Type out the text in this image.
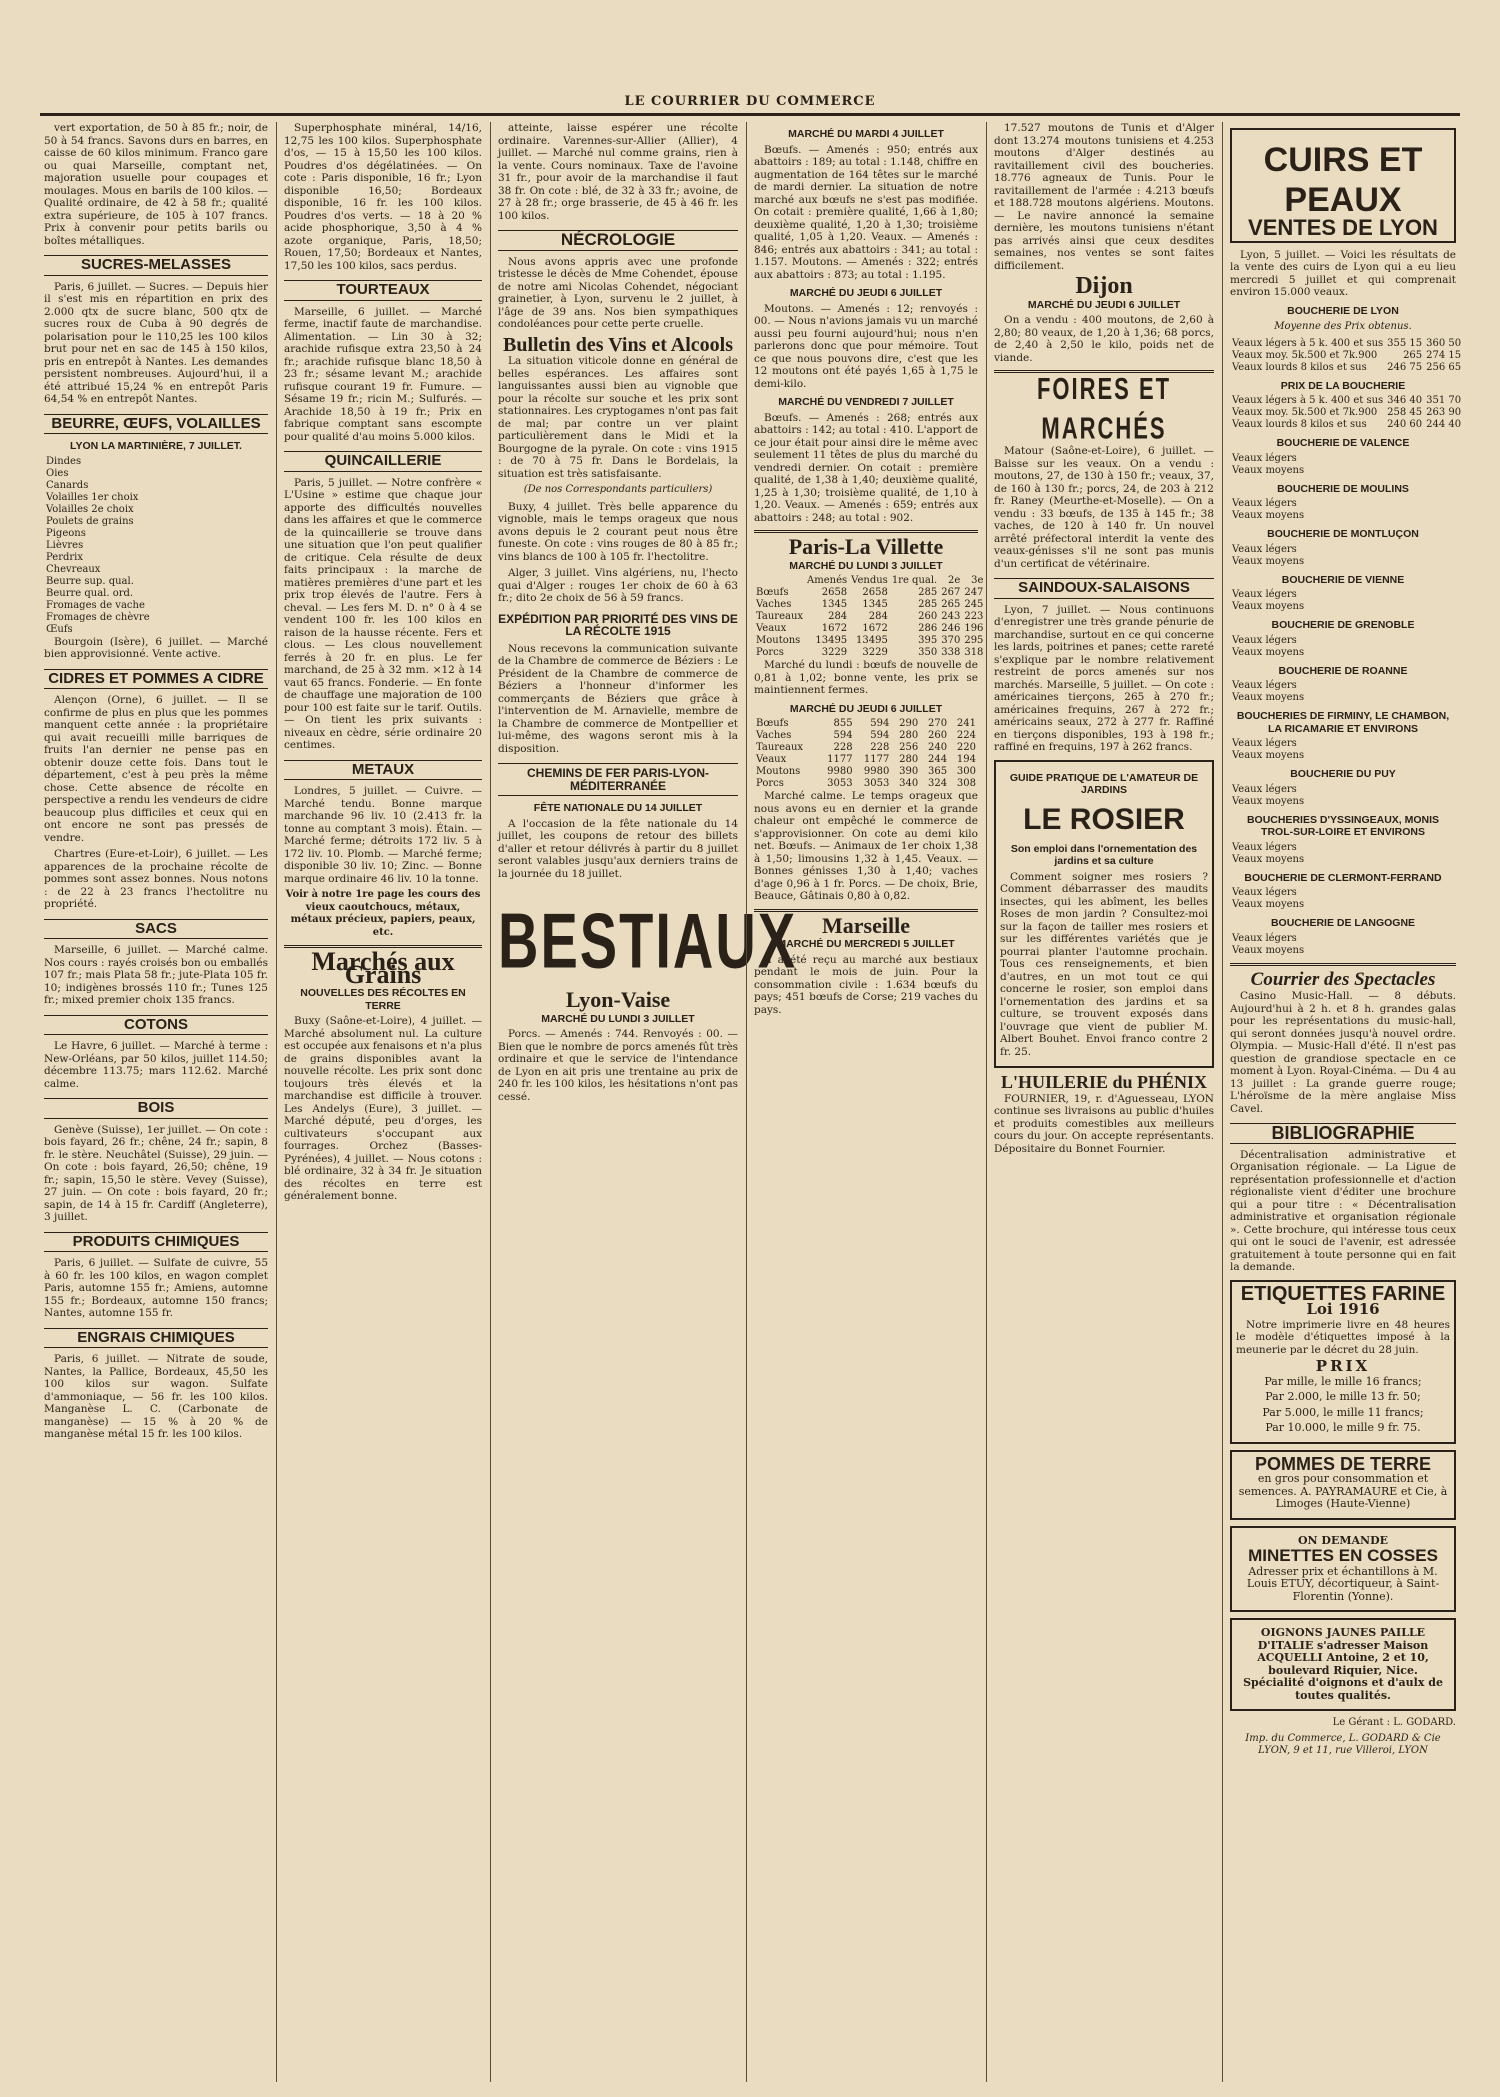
LE COURRIER DU COMMERCE

vert exportation, de 50 à 85 fr.; noir, de 50 à 54 francs. Savons durs en barres, en caisse de 60 kilos minimum. Franco gare ou quai Marseille, comptant net, majoration usuelle pour coupages et moulages. Mous en barils de 100 kilos. — Qualité ordinaire, de 42 à 58 fr.; qualité extra supérieure, de 105 à 107 francs. Prix à convenir pour petits barils ou boîtes métalliques.

SUCRES-MELASSES

Paris, 6 juillet. — Sucres. — Depuis hier il s'est mis en répartition en prix des 2.000 qtx de sucre blanc, 500 qtx de sucres roux de Cuba à 90 degrés de polarisation pour le 110,25 les 100 kilos brut pour net en sac de 145 à 150 kilos, pris en entrepôt à Nantes. Les demandes persistent nombreuses. Aujourd'hui, il a été attribué 15,24 % en entrepôt Paris 64,54 % en entrepôt Nantes.

BEURRE, ŒUFS, VOLAILLES
LYON LA MARTINIÈRE, 7 JUILLET.
Dindes
Oies
Canards
Volailles 1er choix
Volailles 2e choix
Poulets de grains
Pigeons
Lièvres
Perdrix
Chevreaux
Beurre sup. qual.
Beurre qual. ord.
Fromages de vache
Fromages de chèvre
Œufs

Bourgoin (Isère), 6 juillet. — Marché bien approvisionné. Vente active.

CIDRES ET POMMES A CIDRE

Alençon (Orne), 6 juillet. — Il se confirme de plus en plus que les pommes manquent cette année : la propriétaire qui avait recueilli mille barriques de fruits l'an dernier ne pense pas en obtenir douze cette fois. Dans tout le département, c'est à peu près la même chose. Cette absence de récolte en perspective a rendu les vendeurs de cidre beaucoup plus difficiles et ceux qui en ont encore ne sont pas pressés de vendre.

Chartres (Eure-et-Loir), 6 juillet. — Les apparences de la prochaine récolte de pommes sont assez bonnes. Nous notons : de 22 à 23 francs l'hectolitre nu propriété.

SACS

Marseille, 6 juillet. — Marché calme. Nos cours : rayés croisés bon ou emballés 107 fr.; mais Plata 58 fr.; jute-Plata 105 fr. 10; indigènes brossés 110 fr.; Tunes 125 fr.; mixed premier choix 135 francs.

COTONS

Le Havre, 6 juillet. — Marché à terme : New-Orléans, par 50 kilos, juillet 114.50; décembre 113.75; mars 112.62. Marché calme.

BOIS

Genève (Suisse), 1er juillet. — On cote : bois fayard, 26 fr.; chêne, 24 fr.; sapin, 8 fr. le stère. Neuchâtel (Suisse), 29 juin. — On cote : bois fayard, 26,50; chêne, 19 fr.; sapin, 15,50 le stère. Vevey (Suisse), 27 juin. — On cote : bois fayard, 20 fr.; sapin, de 14 à 15 fr. Cardiff (Angleterre), 3 juillet.

PRODUITS CHIMIQUES

Paris, 6 juillet. — Sulfate de cuivre, 55 à 60 fr. les 100 kilos, en wagon complet Paris, automne 155 fr.; Amiens, automne 155 fr.; Bordeaux, automne 150 francs; Nantes, automne 155 fr.

ENGRAIS CHIMIQUES

Paris, 6 juillet. — Nitrate de soude, Nantes, la Pallice, Bordeaux, 45,50 les 100 kilos sur wagon. Sulfate d'ammoniaque, — 56 fr. les 100 kilos. Manganèse L. C. (Carbonate de manganèse) — 15 % à 20 % de manganèse métal 15 fr. les 100 kilos.

Superphosphate minéral, 14/16, 12,75 les 100 kilos. Superphosphate d'os, — 15 à 15,50 les 100 kilos. Poudres d'os dégélatinées. — On cote : Paris disponible, 16 fr.; Lyon disponible 16,50; Bordeaux disponible, 16 fr. les 100 kilos. Poudres d'os verts. — 18 à 20 % acide phosphorique, 3,50 à 4 % azote organique, Paris, 18,50; Rouen, 17,50; Bordeaux et Nantes, 17,50 les 100 kilos, sacs perdus.

TOURTEAUX

Marseille, 6 juillet. — Marché ferme, inactif faute de marchandise. Alimentation. — Lin 30 à 32; arachide rufisque extra 23,50 à 24 fr.; arachide rufisque blanc 18,50 à 23 fr.; sésame levant M.; arachide rufisque courant 19 fr. Fumure. — Sésame 19 fr.; ricin M.; Sulfurés. — Arachide 18,50 à 19 fr.; Prix en fabrique comptant sans escompte pour qualité d'au moins 5.000 kilos.

QUINCAILLERIE

Paris, 5 juillet. — Notre confrère « L'Usine » estime que chaque jour apporte des difficultés nouvelles dans les affaires et que le commerce de la quincaillerie se trouve dans une situation que l'on peut qualifier de critique. Cela résulte de deux faits principaux : la marche de matières premières d'une part et les prix trop élevés de l'autre. Fers à cheval. — Les fers M. D. n° 0 à 4 se vendent 100 fr. les 100 kilos en raison de la hausse récente. Fers et clous. — Les clous nouvellement ferrés à 20 fr. en plus. Le fer marchand, de 25 à 32 mm. ×12 à 14 vaut 65 francs. Fonderie. — En fonte de chauffage une majoration de 100 pour 100 est faite sur le tarif. Outils. — On tient les prix suivants : niveaux en cèdre, série ordinaire 20 centimes.

METAUX

Londres, 5 juillet. — Cuivre. — Marché tendu. Bonne marque marchande 96 liv. 10 (2.413 fr. la tonne au comptant 3 mois). Étain. — Marché ferme; détroits 172 liv. 5 à 172 liv. 10. Plomb. — Marché ferme; disponible 30 liv. 10; Zinc. — Bonne marque ordinaire 46 liv. 10 la tonne.

Voir à notre 1re page les cours des vieux caoutchoucs, métaux, métaux précieux, papiers, peaux, etc.
Marchés aux Grains
NOUVELLES DES RÉCOLTES EN TERRE

Buxy (Saône-et-Loire), 4 juillet. — Marché absolument nul. La culture est occupée aux fenaisons et n'a plus de grains disponibles avant la nouvelle récolte. Les prix sont donc toujours très élevés et la marchandise est difficile à trouver. Les Andelys (Eure), 3 juillet. — Marché député, peu d'orges, les cultivateurs s'occupant aux fourrages. Orchez (Basses-Pyrénées), 4 juillet. — Nous cotons : blé ordinaire, 32 à 34 fr. Je situation des récoltes en terre est généralement bonne.

atteinte, laisse espérer une récolte ordinaire. Varennes-sur-Allier (Allier), 4 juillet. — Marché nul comme grains, rien à la vente. Cours nominaux. Taxe de l'avoine 31 fr., pour avoir de la marchandise il faut 38 fr. On cote : blé, de 32 à 33 fr.; avoine, de 27 à 28 fr.; orge brasserie, de 45 à 46 fr. les 100 kilos.

NÉCROLOGIE

Nous avons appris avec une profonde tristesse le décès de Mme Cohendet, épouse de notre ami Nicolas Cohendet, négociant grainetier, à Lyon, survenu le 2 juillet, à l'âge de 39 ans. Nos bien sympathiques condoléances pour cette perte cruelle.

Bulletin des Vins et Alcools

La situation viticole donne en général de belles espérances. Les affaires sont languissantes aussi bien au vignoble que pour la récolte sur souche et les prix sont stationnaires. Les cryptogames n'ont pas fait de mal; par contre un ver plaint particulièrement dans le Midi et la Bourgogne de la pyrale. On cote : vins 1915 : de 70 à 75 fr. Dans le Bordelais, la situation est très satisfaisante.

(De nos Correspondants particuliers)

Buxy, 4 juillet. Très belle apparence du vignoble, mais le temps orageux que nous avons depuis le 2 courant peut nous être funeste. On cote : vins rouges de 80 à 85 fr.; vins blancs de 100 à 105 fr. l'hectolitre.

Alger, 3 juillet. Vins algériens, nu, l'hecto quai d'Alger : rouges 1er choix de 60 à 63 fr.; dito 2e choix de 56 à 59 francs.

EXPÉDITION PAR PRIORITÉ DES VINS DE LA RÉCOLTE 1915

Nous recevons la communication suivante de la Chambre de commerce de Béziers : Le Président de la Chambre de commerce de Béziers a l'honneur d'informer les commerçants de Béziers que grâce à l'intervention de M. Arnavielle, membre de la Chambre de commerce de Montpellier et lui-même, des wagons seront mis à la disposition.

CHEMINS DE FER PARIS-LYON-MÉDITERRANÉE
FÊTE NATIONALE DU 14 JUILLET

A l'occasion de la fête nationale du 14 juillet, les coupons de retour des billets d'aller et retour délivrés à partir du 8 juillet seront valables jusqu'aux derniers trains de la journée du 18 juillet.

BESTIAUX
Lyon-Vaise
MARCHÉ DU LUNDI 3 JUILLET

Porcs. — Amenés : 744. Renvoyés : 00. — Bien que le nombre de porcs amenés fût très ordinaire et que le service de l'intendance de Lyon en ait pris une trentaine au prix de 240 fr. les 100 kilos, les hésitations n'ont pas cessé.

MARCHÉ DU MARDI 4 JUILLET

Bœufs. — Amenés : 950; entrés aux abattoirs : 189; au total : 1.148, chiffre en augmentation de 164 têtes sur le marché de mardi dernier. La situation de notre marché aux bœufs ne s'est pas modifiée. On cotait : première qualité, 1,66 à 1,80; deuxième qualité, 1,20 à 1,30; troisième qualité, 1,05 à 1,20. Veaux. — Amenés : 846; entrés aux abattoirs : 341; au total : 1.157. Moutons. — Amenés : 322; entrés aux abattoirs : 873; au total : 1.195.

MARCHÉ DU JEUDI 6 JUILLET

Moutons. — Amenés : 12; renvoyés : 00. — Nous n'avions jamais vu un marché aussi peu fourni aujourd'hui; nous n'en parlerons donc que pour mémoire. Tout ce que nous pouvons dire, c'est que les 12 moutons ont été payés 1,65 à 1,75 le demi-kilo.

MARCHÉ DU VENDREDI 7 JUILLET

Bœufs. — Amenés : 268; entrés aux abattoirs : 142; au total : 410. L'apport de ce jour était pour ainsi dire le même avec seulement 11 têtes de plus du marché du vendredi dernier. On cotait : première qualité, de 1,38 à 1,40; deuxième qualité, 1,25 à 1,30; troisième qualité, de 1,10 à 1,20. Veaux. — Amenés : 659; entrés aux abattoirs : 248; au total : 902.

Paris-La Villette
MARCHÉ DU LUNDI 3 JUILLET
	Amenés	Vendus	1re qual.	2e	3e
Bœufs	2658	2658	285	267	247
Vaches	1345	1345	285	265	245
Taureaux	284	284	260	243	223
Veaux	1672	1672	286	246	196
Moutons	13495	13495	395	370	295
Porcs	3229	3229	350	338	318

Marché du lundi : bœufs de nouvelle de 0,81 à 1,02; bonne vente, les prix se maintiennent fermes.

MARCHÉ DU JEUDI 6 JUILLET
Bœufs	855	594	290	270	241
Vaches	594	594	280	260	224
Taureaux	228	228	256	240	220
Veaux	1177	1177	280	244	194
Moutons	9980	9980	390	365	300
Porcs	3053	3053	340	324	308

Marché calme. Le temps orageux que nous avons eu en dernier et la grande chaleur ont empêché le commerce de s'approvisionner. On cote au demi kilo net. Bœufs. — Animaux de 1er choix 1,38 à 1,50; limousins 1,32 à 1,45. Veaux. — Bonnes génisses 1,30 à 1,40; vaches d'age 0,96 à 1 fr. Porcs. — De choix, Brie, Beauce, Gâtinais 0,80 à 0,82.

Marseille
MARCHÉ DU MERCREDI 5 JUILLET

Il a été reçu au marché aux bestiaux pendant le mois de juin. Pour la consommation civile : 1.634 bœufs du pays; 451 bœufs de Corse; 219 vaches du pays.

17.527 moutons de Tunis et d'Alger dont 13.274 moutons tunisiens et 4.253 moutons d'Alger destinés au ravitaillement civil des boucheries. 18.776 agneaux de Tunis. Pour le ravitaillement de l'armée : 4.213 bœufs et 188.728 moutons algériens. Moutons. — Le navire annoncé la semaine dernière, les moutons tunisiens n'étant pas arrivés ainsi que ceux desdites semaines, nos ventes se sont faites difficilement.

Dijon
MARCHÉ DU JEUDI 6 JUILLET

On a vendu : 400 moutons, de 2,60 à 2,80; 80 veaux, de 1,20 à 1,36; 68 porcs, de 2,40 à 2,50 le kilo, poids net de viande.

FOIRES ET MARCHÉS

Matour (Saône-et-Loire), 6 juillet. — Baisse sur les veaux. On a vendu : moutons, 27, de 130 à 150 fr.; veaux, 37, de 160 à 130 fr.; porcs, 24, de 203 à 212 fr. Raney (Meurthe-et-Moselle). — On a vendu : 33 bœufs, de 135 à 145 fr.; 38 vaches, de 120 à 140 fr. Un nouvel arrêté préfectoral interdit la vente des veaux-génisses s'il ne sont pas munis d'un certificat de vétérinaire.

SAINDOUX-SALAISONS

Lyon, 7 juillet. — Nous continuons d'enregistrer une très grande pénurie de marchandise, surtout en ce qui concerne les lards, poitrines et panes; cette rareté s'explique par le nombre relativement restreint de porcs amenés sur nos marchés. Marseille, 5 juillet. — On cote : américaines tierçons, 265 à 270 fr.; américaines frequins, 267 à 272 fr.; américains seaux, 272 à 277 fr. Raffiné en tierçons disponibles, 193 à 198 fr.; raffiné en frequins, 197 à 262 francs.

GUIDE PRATIQUE DE L'AMATEUR DE JARDINS
LE ROSIER
Son emploi dans l'ornementation des jardins et sa culture

Comment soigner mes rosiers ? Comment débarrasser des maudits insectes, qui les abîment, les belles Roses de mon jardin ? Consultez-moi sur la façon de tailler mes rosiers et sur les différentes variétés que je pourrai planter l'automne prochain. Tous ces renseignements, et bien d'autres, en un mot tout ce qui concerne le rosier, son emploi dans l'ornementation des jardins et sa culture, se trouvent exposés dans l'ouvrage que vient de publier M. Albert Bouhet. Envoi franco contre 2 fr. 25.

L'HUILERIE du PHÉNIX

FOURNIER, 19, r. d'Aguesseau, LYON continue ses livraisons au public d'huiles et produits comestibles aux meilleurs cours du jour. On accepte représentants. Dépositaire du Bonnet Fournier.

CUIRS ET PEAUX
VENTES DE LYON

Lyon, 5 juillet. — Voici les résultats de la vente des cuirs de Lyon qui a eu lieu mercredi 5 juillet et qui comprenait environ 15.000 veaux.

BOUCHERIE DE LYON
Moyenne des Prix obtenus.
Veaux légers à 5 k. 400 et sus	355 15	360 50
Veaux moy. 5k.500 et 7k.900	265	274 15
Veaux lourds 8 kilos et sus	246 75	256 65
PRIX DE LA BOUCHERIE
Veaux légers à 5 k. 400 et sus	346 40	351 70
Veaux moy. 5k.500 et 7k.900	258 45	263 90
Veaux lourds 8 kilos et sus	240 60	244 40
BOUCHERIE DE VALENCE
Veaux légers
Veaux moyens
BOUCHERIE DE MOULINS
Veaux légers
Veaux moyens
BOUCHERIE DE MONTLUÇON
Veaux légers
Veaux moyens
BOUCHERIE DE VIENNE
Veaux légers
Veaux moyens
BOUCHERIE DE GRENOBLE
Veaux légers
Veaux moyens
BOUCHERIE DE ROANNE
Veaux légers
Veaux moyens
BOUCHERIES DE FIRMINY, LE CHAMBON, LA RICAMARIE ET ENVIRONS
Veaux légers
Veaux moyens
BOUCHERIE DU PUY
Veaux légers
Veaux moyens
BOUCHERIES D'YSSINGEAUX, MONIS TROL-SUR-LOIRE ET ENVIRONS
Veaux légers
Veaux moyens
BOUCHERIE DE CLERMONT-FERRAND
Veaux légers
Veaux moyens
BOUCHERIE DE LANGOGNE
Veaux légers
Veaux moyens
Courrier des Spectacles

Casino Music-Hall. — 8 débuts. Aujourd'hui à 2 h. et 8 h. grandes galas pour les représentations du music-hall, qui seront données jusqu'à nouvel ordre. Olympia. — Music-Hall d'été. Il n'est pas question de grandiose spectacle en ce moment à Lyon. Royal-Cinéma. — Du 4 au 13 juillet : La grande guerre rouge; L'héroïsme de la mère anglaise Miss Cavel.

BIBLIOGRAPHIE

Décentralisation administrative et Organisation régionale. — La Ligue de représentation professionnelle et d'action régionaliste vient d'éditer une brochure qui a pour titre : « Décentralisation administrative et organisation régionale ». Cette brochure, qui intéresse tous ceux qui ont le souci de l'avenir, est adressée gratuitement à toute personne qui en fait la demande.

ETIQUETTES FARINE
Loi 1916

Notre imprimerie livre en 48 heures le modèle d'étiquettes imposé à la meunerie par le décret du 28 juin.

PRIX
Par mille, le mille 16 francs;
Par 2.000, le mille 13 fr. 50;
Par 5.000, le mille 11 francs;
Par 10.000, le mille 9 fr. 75.
POMMES DE TERRE
en gros pour consommation et semences. A. PAYRAMAURE et Cie, à Limoges (Haute-Vienne)
ON DEMANDE
MINETTES EN COSSES
Adresser prix et échantillons à M. Louis ETUY, décortiqueur, à Saint-Florentin (Yonne).
OIGNONS JAUNES PAILLE D'ITALIE s'adresser Maison ACQUELLI Antoine, 2 et 10, boulevard Riquier, Nice. Spécialité d'oignons et d'aulx de toutes qualités.
Le Gérant : L. GODARD.
Imp. du Commerce, L. GODARD & Cie LYON, 9 et 11, rue Villeroi, LYON
